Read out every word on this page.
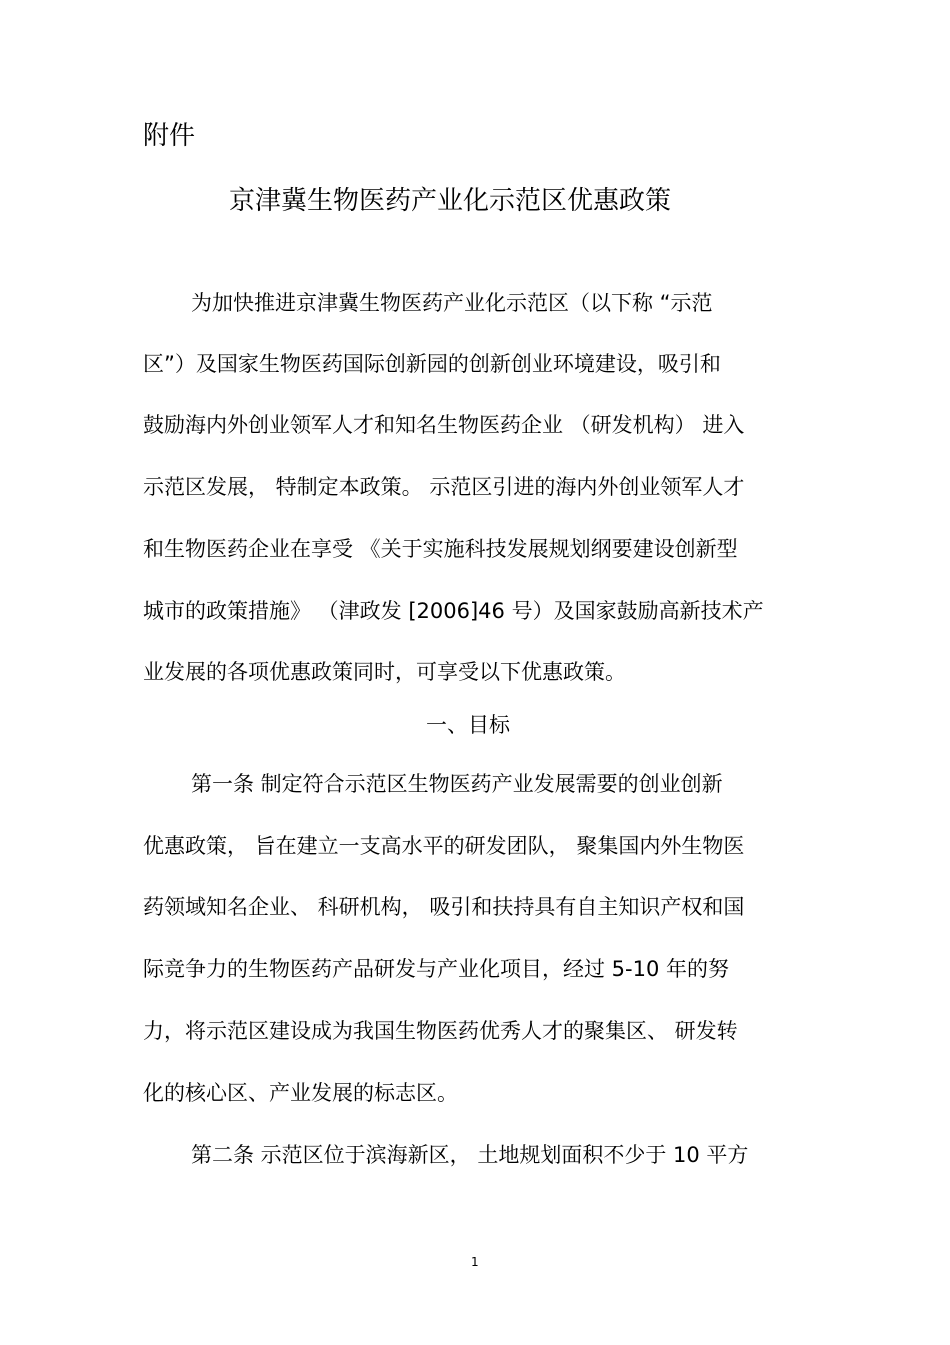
附件
京津冀生物医药产业化示范区优惠政策
为加快推进京津冀生物医药产业化示范区（以下称 “示范
区”）及国家生物医药国际创新园的创新创业环境建设，吸引和
鼓励海内外创业领军人才和知名生物医药企业 （研发机构） 进入
示范区发展， 特制定本政策。 示范区引进的海内外创业领军人才
和生物医药企业在享受 《关于实施科技发展规划纲要建设创新型
城市的政策措施》 （津政发 [2006]46 号）及国家鼓励高新技术产
业发展的各项优惠政策同时，可享受以下优惠政策。
一、目标
第一条 制定符合示范区生物医药产业发展需要的创业创新
优惠政策， 旨在建立一支高水平的研发团队， 聚集国内外生物医
药领域知名企业、 科研机构， 吸引和扶持具有自主知识产权和国
际竞争力的生物医药产品研发与产业化项目，经过 5-10 年的努
力，将示范区建设成为我国生物医药优秀人才的聚集区、 研发转
化的核心区、产业发展的标志区。
第二条 示范区位于滨海新区， 土地规划面积不少于 10 平方
1
